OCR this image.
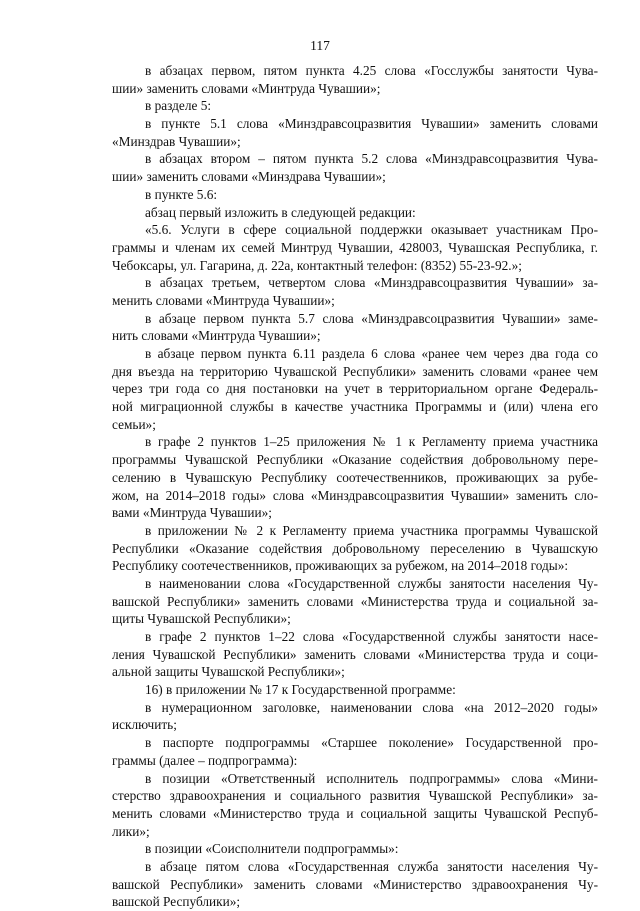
117
в абзацах первом, пятом пункта 4.25 слова «Госслужбы занятости Чува-
шии» заменить словами «Минтруда Чувашии»;
в разделе 5:
в пункте 5.1 слова «Минздравсоцразвития Чувашии» заменить словами
«Минздрав Чувашии»;
в абзацах втором – пятом пункта 5.2 слова «Минздравсоцразвития Чува-
шии» заменить словами «Минздрава Чувашии»;
в пункте 5.6:
абзац первый изложить в следующей редакции:
«5.6. Услуги в сфере социальной поддержки оказывает участникам Про-
граммы и членам их семей Минтруд Чувашии, 428003, Чувашская Республика, г.
Чебоксары, ул. Гагарина, д. 22а, контактный телефон: (8352) 55-23-92.»;
в абзацах третьем, четвертом слова «Минздравсоцразвития Чувашии» за-
менить словами «Минтруда Чувашии»;
в абзаце первом пункта 5.7 слова «Минздравсоцразвития Чувашии» заме-
нить словами «Минтруда Чувашии»;
в абзаце первом пункта 6.11 раздела 6 слова «ранее чем через два года со
дня въезда на территорию Чувашской Республики» заменить словами «ранее чем
через три года со дня постановки на учет в территориальном органе Федераль-
ной миграционной службы в качестве участника Программы и (или) члена его
семьи»;
в графе 2 пунктов 1–25 приложения № 1 к Регламенту приема участника
программы Чувашской Республики «Оказание содействия добровольному пере-
селению в Чувашскую Республику соотечественников, проживающих за рубе-
жом, на 2014–2018 годы» слова «Минздравсоцразвития Чувашии» заменить сло-
вами «Минтруда Чувашии»;
в приложении № 2 к Регламенту приема участника программы Чувашской
Республики «Оказание содействия добровольному переселению в Чувашскую
Республику соотечественников, проживающих за рубежом, на 2014–2018 годы»:
в наименовании слова «Государственной службы занятости населения Чу-
вашской Республики» заменить словами «Министерства труда и социальной за-
щиты Чувашской Республики»;
в графе 2 пунктов 1–22 слова «Государственной службы занятости насе-
ления Чувашской Республики» заменить словами «Министерства труда и соци-
альной защиты Чувашской Республики»;
16) в приложении № 17 к Государственной программе:
в нумерационном заголовке, наименовании слова «на 2012–2020 годы»
исключить;
в паспорте подпрограммы «Старшее поколение» Государственной про-
граммы (далее – подпрограмма):
в позиции «Ответственный исполнитель подпрограммы» слова «Мини-
стерство здравоохранения и социального развития Чувашской Республики» за-
менить словами «Министерство труда и социальной защиты Чувашской Респуб-
лики»;
в позиции «Соисполнители подпрограммы»:
в абзаце пятом слова «Государственная служба занятости населения Чу-
вашской Республики» заменить словами «Министерство здравоохранения Чу-
вашской Республики»;
